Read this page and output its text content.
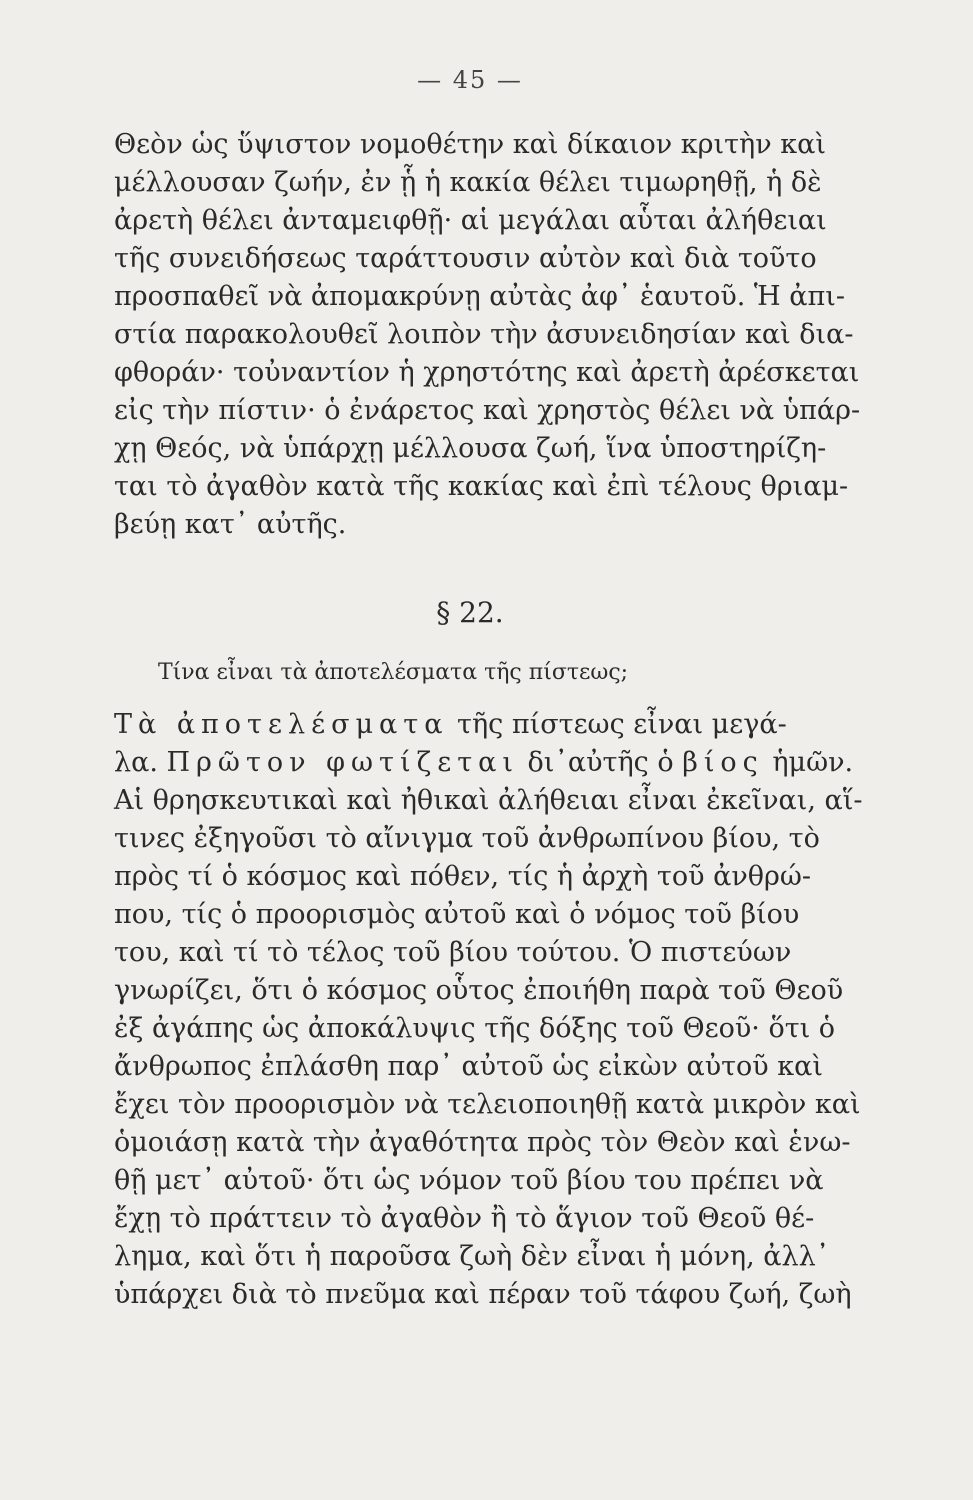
— 45 —
Θεὸν ὡς ὕψιστον νομοθέτην καὶ δίκαιον κριτὴν καὶ
μέλλουσαν ζωήν, ἐν ᾗ ἡ κακία θέλει τιμωρηθῇ, ἡ δὲ
ἀρετὴ θέλει ἀνταμειφθῇ· αἱ μεγάλαι αὗται ἀλήθειαι
τῆς συνειδήσεως ταράττουσιν αὐτὸν καὶ διὰ τοῦτο
προσπαθεῖ νὰ ἀπομακρύνῃ αὐτὰς ἀφ᾽ ἑαυτοῦ. Ἡ ἀπι-
στία παρακολουθεῖ λοιπὸν τὴν ἀσυνειδησίαν καὶ δια-
φθοράν· τοὐναντίον ἡ χρηστότης καὶ ἀρετὴ ἀρέσκεται
εἰς τὴν πίστιν· ὁ ἐνάρετος καὶ χρηστὸς θέλει νὰ ὑπάρ-
χῃ Θεός, νὰ ὑπάρχῃ μέλλουσα ζωή, ἵνα ὑποστηρίζη-
ται τὸ ἀγαθὸν κατὰ τῆς κακίας καὶ ἐπὶ τέλους θριαμ-
βεύῃ κατ᾽ αὐτῆς.
§ 22.
Τίνα εἶναι τὰ ἀποτελέσματα τῆς πίστεως;
Τὰ ἀποτελέσματα τῆς πίστεως εἶναι μεγά-
λα. Πρῶτον φωτίζεται δι᾽αὐτῆς ὁ βίος ἡμῶν.
Αἱ θρησκευτικαὶ καὶ ἠθικαὶ ἀλήθειαι εἶναι ἐκεῖναι, αἵ-
τινες ἐξηγοῦσι τὸ αἴνιγμα τοῦ ἀνθρωπίνου βίου, τὸ
πρὸς τί ὁ κόσμος καὶ πόθεν, τίς ἡ ἀρχὴ τοῦ ἀνθρώ-
που, τίς ὁ προορισμὸς αὐτοῦ καὶ ὁ νόμος τοῦ βίου
του, καὶ τί τὸ τέλος τοῦ βίου τούτου. Ὁ πιστεύων
γνωρίζει, ὅτι ὁ κόσμος οὗτος ἐποιήθη παρὰ τοῦ Θεοῦ
ἐξ ἀγάπης ὡς ἀποκάλυψις τῆς δόξης τοῦ Θεοῦ· ὅτι ὁ
ἄνθρωπος ἐπλάσθη παρ᾽ αὐτοῦ ὡς εἰκὼν αὐτοῦ καὶ
ἔχει τὸν προορισμὸν νὰ τελειοποιηθῇ κατὰ μικρὸν καὶ
ὁμοιάσῃ κατὰ τὴν ἀγαθότητα πρὸς τὸν Θεὸν καὶ ἑνω-
θῇ μετ᾽ αὐτοῦ· ὅτι ὡς νόμον τοῦ βίου του πρέπει νὰ
ἔχῃ τὸ πράττειν τὸ ἀγαθὸν ἢ τὸ ἅγιον τοῦ Θεοῦ θέ-
λημα, καὶ ὅτι ἡ παροῦσα ζωὴ δὲν εἶναι ἡ μόνη, ἀλλ᾽
ὑπάρχει διὰ τὸ πνεῦμα καὶ πέραν τοῦ τάφου ζωή, ζωὴ
